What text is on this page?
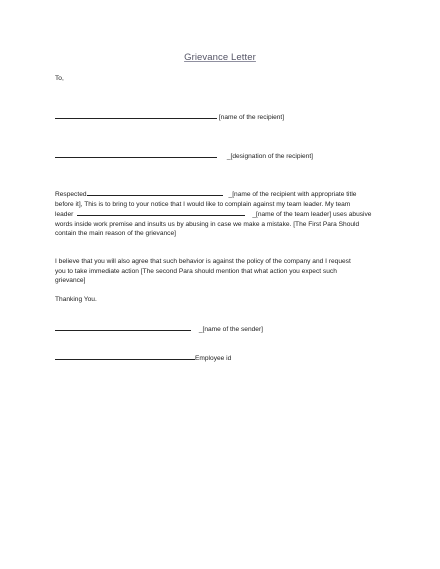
Grievance Letter
To,
[name of the recipient]
_[designation of the recipient]
Respected	_[name of the recipient with appropriate title
before it], This is to bring to your notice that I would like to complain against my team leader. My team
leader	_[name of the team leader] uses abusive
words inside work premise and insults us by abusing in case we make a mistake. [The First Para Should
contain the main reason of the grievance]
I believe that you will also agree that such behavior is against the policy of the company and I request
you to take immediate action [The second Para should mention that what action you expect such
grievance]
Thanking You.
_[name of the sender]
Employee id
